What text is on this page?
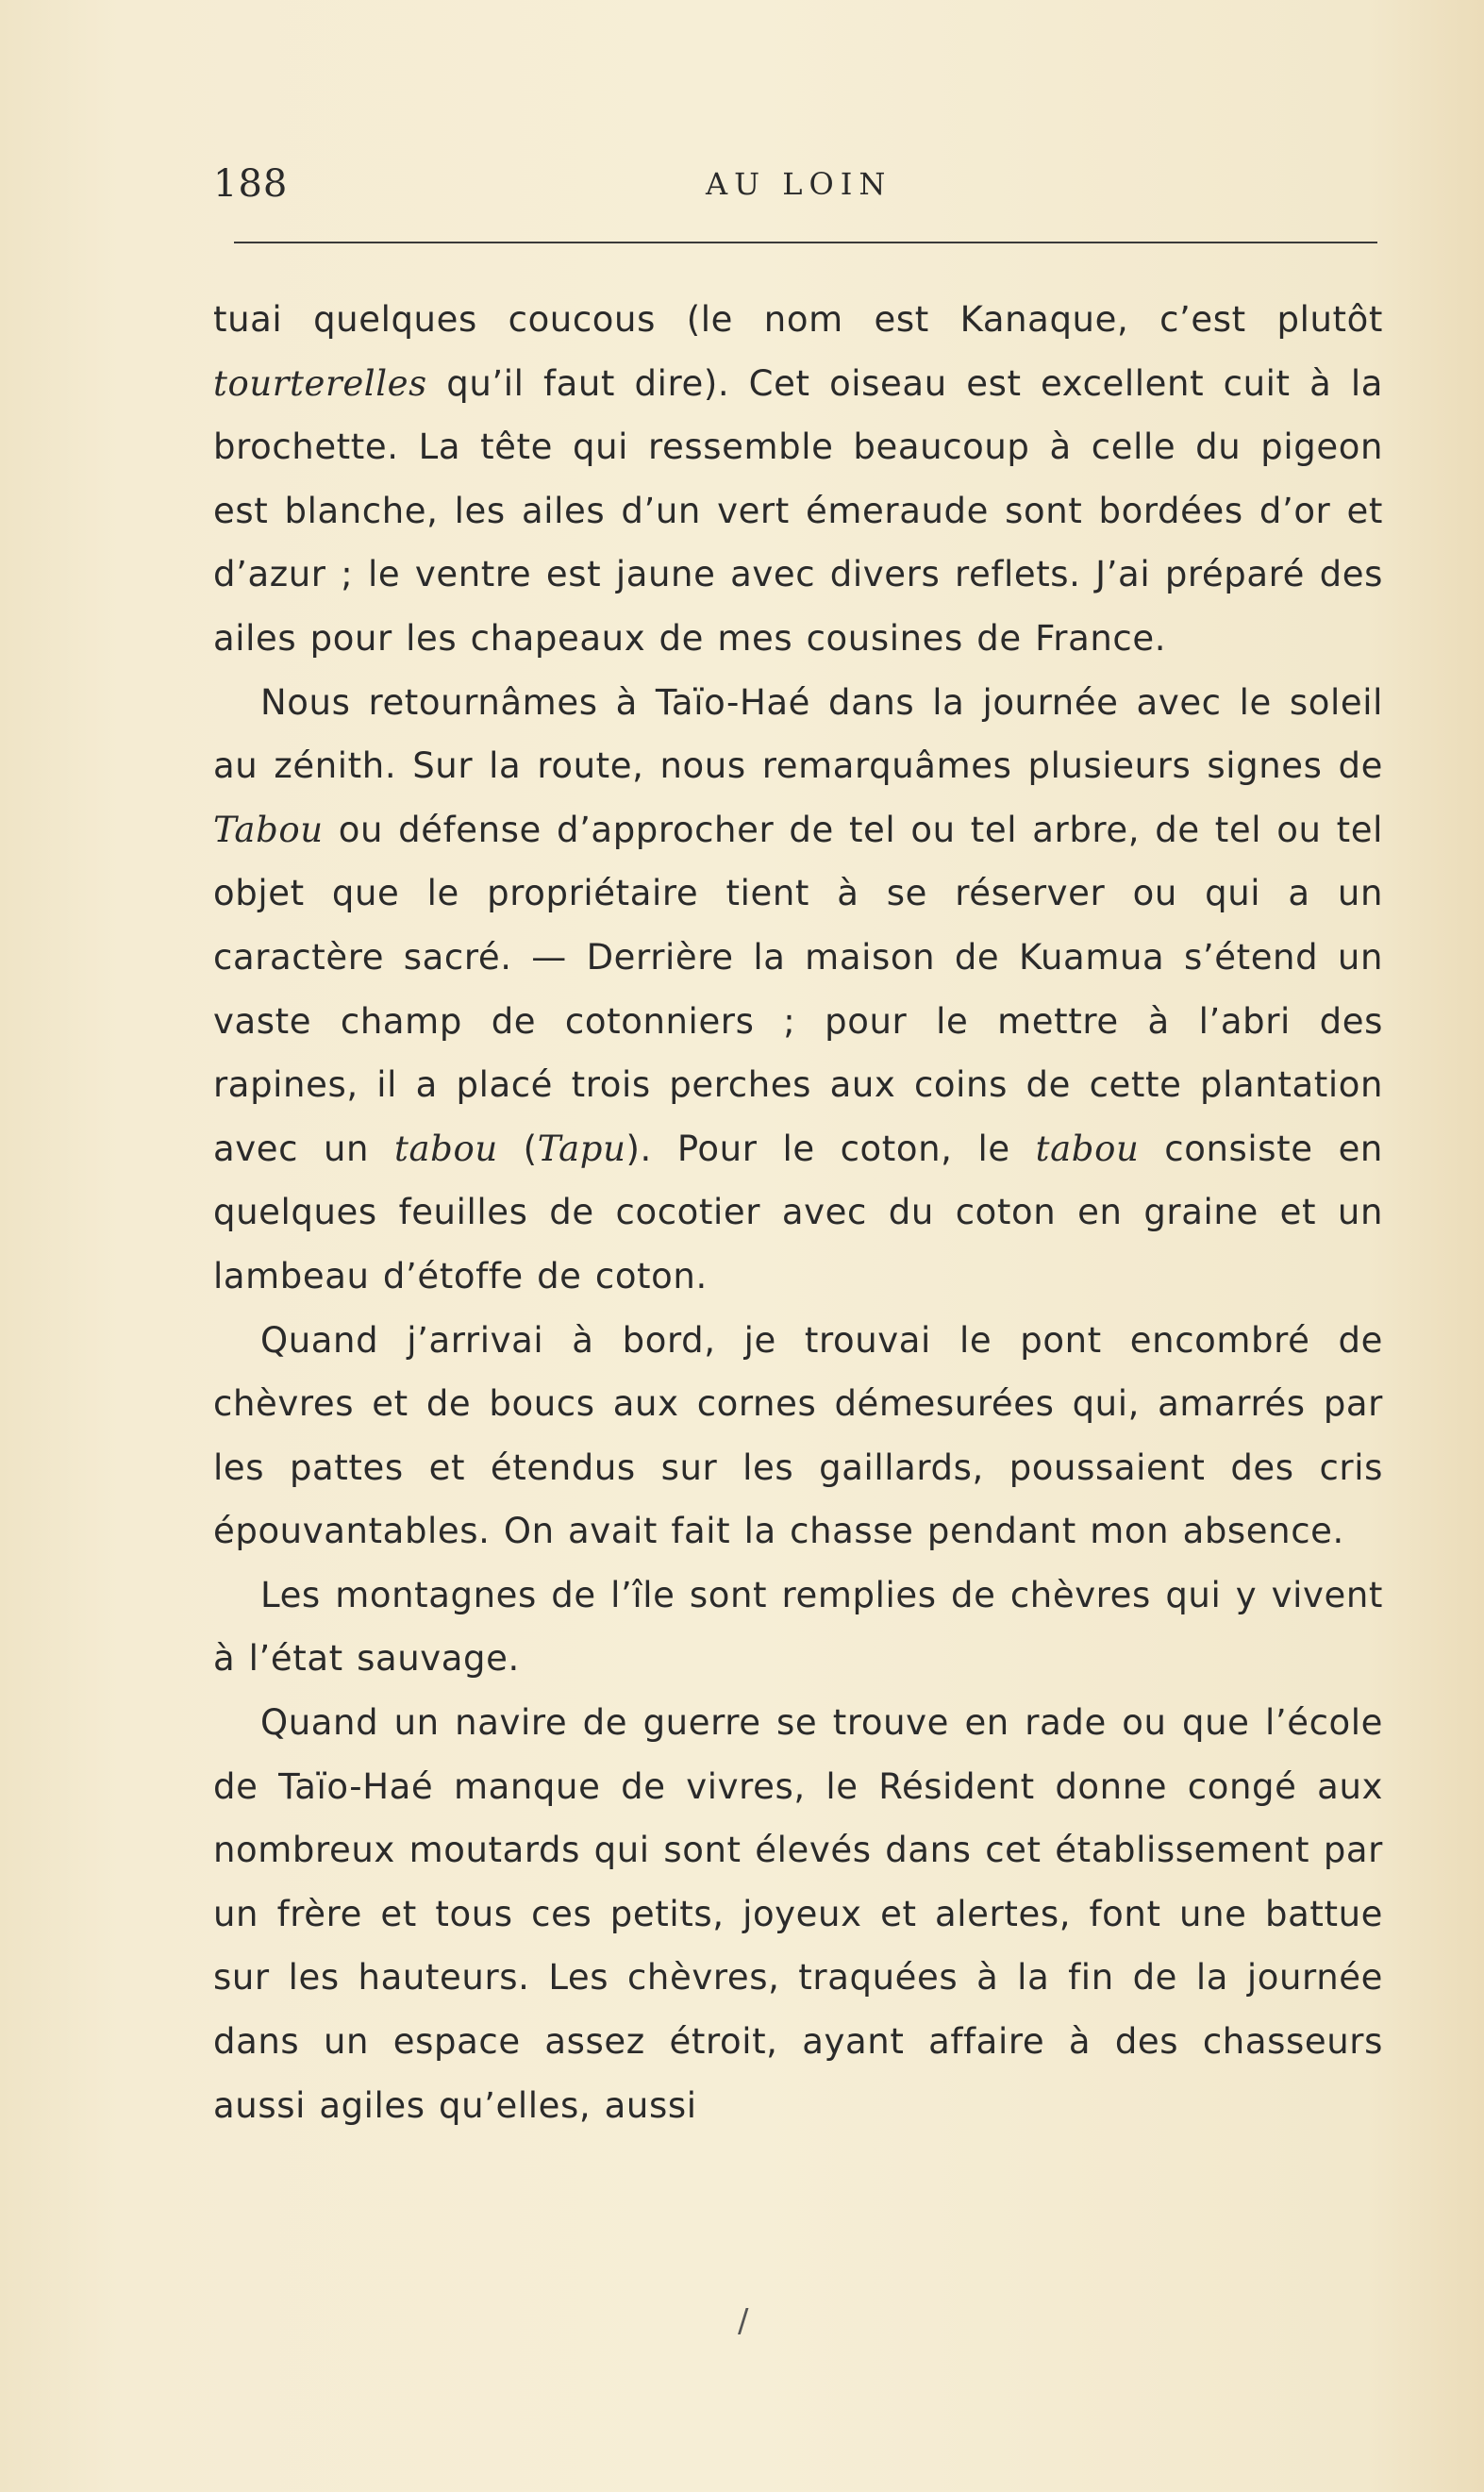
188	AU LOIN

tuai quelques coucous (le nom est Kanaque, c’est plutôt tourterelles qu’il faut dire). Cet oiseau est excellent cuit à la brochette. La tête qui ressemble beaucoup à celle du pigeon est blanche, les ailes d’un vert émeraude sont bordées d’or et d’azur ; le ventre est jaune avec divers reflets. J’ai préparé des ailes pour les chapeaux de mes cousines de France.

Nous retournâmes à Taïo-Haé dans la journée avec le soleil au zénith. Sur la route, nous remarquâmes plusieurs signes de Tabou ou défense d’approcher de tel ou tel arbre, de tel ou tel objet que le propriétaire tient à se réserver ou qui a un caractère sacré. — Derrière la maison de Kuamua s’étend un vaste champ de cotonniers ; pour le mettre à l’abri des rapines, il a placé trois perches aux coins de cette plantation avec un tabou (Tapu). Pour le coton, le tabou consiste en quelques feuilles de cocotier avec du coton en graine et un lambeau d’étoffe de coton.

Quand j’arrivai à bord, je trouvai le pont encombré de chèvres et de boucs aux cornes démesurées qui, amarrés par les pattes et étendus sur les gaillards, poussaient des cris épouvantables. On avait fait la chasse pendant mon absence.

Les montagnes de l’île sont remplies de chèvres qui y vivent à l’état sauvage.

Quand un navire de guerre se trouve en rade ou que l’école de Taïo-Haé manque de vivres, le Résident donne congé aux nombreux moutards qui sont élevés dans cet établissement par un frère et tous ces petits, joyeux et alertes, font une battue sur les hauteurs. Les chèvres, traquées à la fin de la journée dans un espace assez étroit, ayant affaire à des chasseurs aussi agiles qu’elles, aussi

/
